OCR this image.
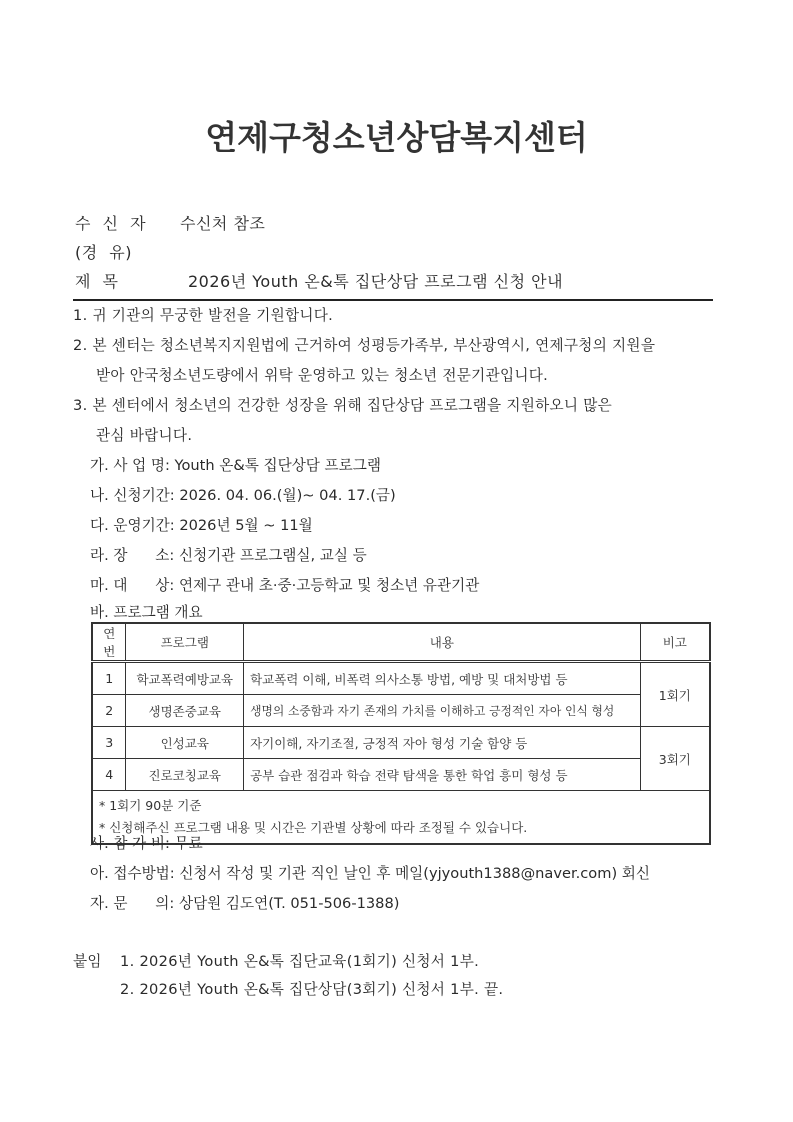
연제구청소년상담복지센터
수 신 자 수신처 참조
(경 유)
제 목	2026년 Youth 온&톡 집단상담 프로그램 신청 안내
1. 귀 기관의 무궁한 발전을 기원합니다.
2. 본 센터는 청소년복지지원법에 근거하여 성평등가족부, 부산광역시, 연제구청의 지원을
받아 안국청소년도량에서 위탁 운영하고 있는 청소년 전문기관입니다.
3. 본 센터에서 청소년의 건강한 성장을 위해 집단상담 프로그램을 지원하오니 많은
관심 바랍니다.
가. 사 업 명: Youth 온&톡 집단상담 프로그램
나. 신청기간: 2026. 04. 06.(월)~ 04. 17.(금)
다. 운영기간: 2026년 5월 ~ 11월
라. 장      소: 신청기관 프로그램실, 교실 등
마. 대      상: 연제구 관내 초·중·고등학교 및 청소년 유관기관
바. 프로그램 개요
연번	프로그램	내용	비고
1	학교폭력예방교육	학교폭력 이해, 비폭력 의사소통 방법, 예방 및 대처방법 등	1회기
2	생명존중교육	생명의 소중함과 자기 존재의 가치를 이해하고 긍정적인 자아 인식 형성	
3	인성교육	자기이해, 자기조절, 긍정적 자아 형성 기술 함양 등	3회기
4	진로코칭교육	공부 습관 점검과 학습 전략 탐색을 통한 학업 흥미 형성 등	

* 1회기 90분 기준
* 신청해주신 프로그램 내용 및 시간은 기관별 상황에 따라 조정될 수 있습니다.			
사. 참 가 비: 무료
아. 접수방법: 신청서 작성 및 기관 직인 날인 후 메일(yjyouth1388@naver.com) 회신
자. 문      의: 상담원 김도연(T. 051-506-1388)
붙임 1. 2026년 Youth 온&톡 집단교육(1회기) 신청서 1부.
2. 2026년 Youth 온&톡 집단상담(3회기) 신청서 1부. 끝.
